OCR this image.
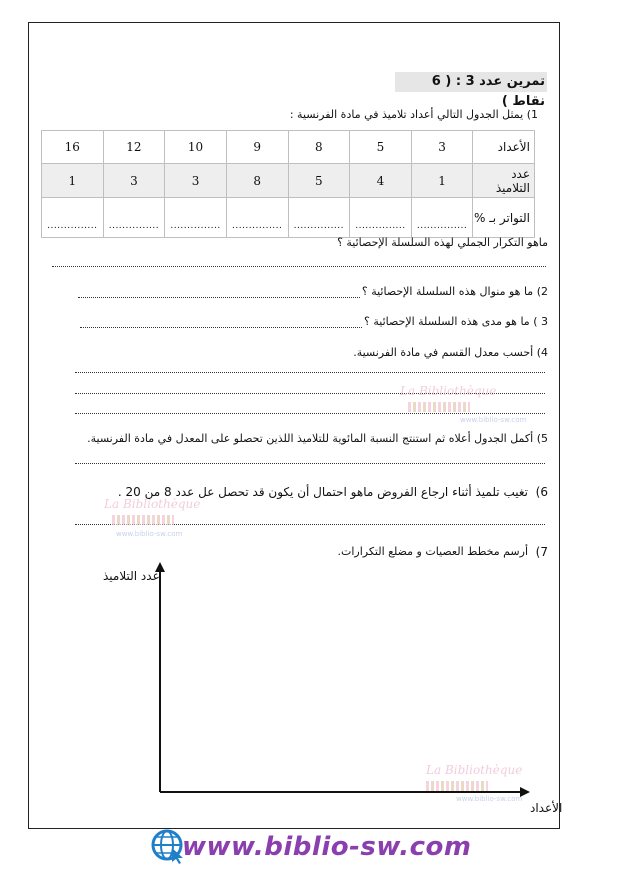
تمرين عدد 3 : ( 6 نقاط )
1) يمثل الجدول التالي أعداد تلاميذ في مادة الفرنسية :
16	12	10	9	8	5	3	الأعداد
1	3	3	8	5	4	1	عدد التلاميذ
...............	...............	...............	...............	...............	...............	...............	التواتر بـ %
ماهو التكرار الجملي لهذه السلسلة الإحصائية ؟
2) ما هو منوال هذه السلسلة الإحصائية ؟
3 ) ما هو مدى هذه السلسلة الإحصائية ؟
4) أحسب معدل القسم في مادة الفرنسية.
5) أكمل الجدول أعلاه ثم استنتج النسبة المائوية للتلاميذ اللذين تحصلو على المعدل في مادة الفرنسية.
6)
تغيب تلميذ أثناء ارجاع الفروض ماهو احتمال أن يكون قد تحصل عل عدد 8 من 20 .
7)
أرسم مخطط العصيات و مضلع التكرارات.
عدد التلاميذ
الأعداد
La Bibliothèque
www.biblio-sw.com
La Bibliothèque
www.biblio-sw.com
La Bibliothèque
www.biblio-sw.com
www.biblio-sw.com
